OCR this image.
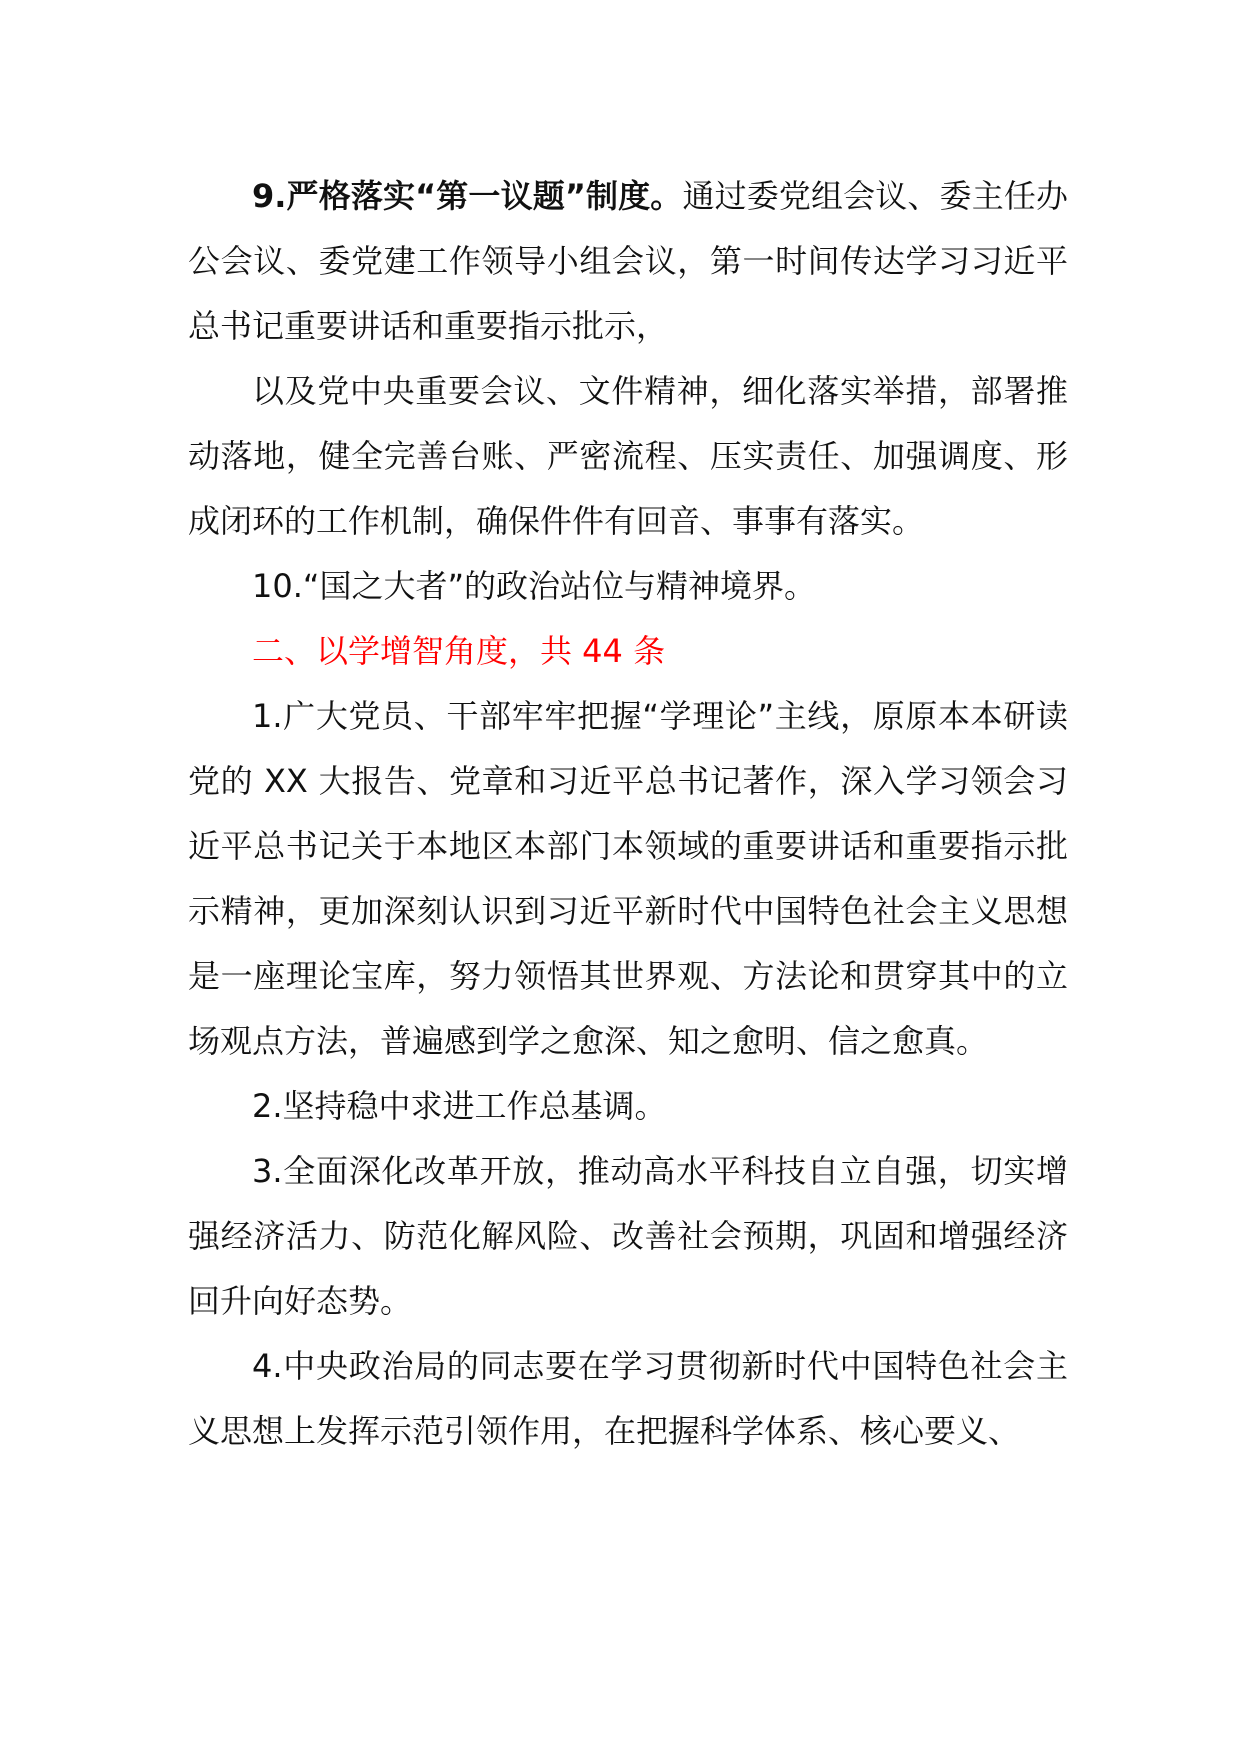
9.严格落实“第一议题”制度。通过委党组会议、委主任办公会议、委党建工作领导小组会议，第一时间传达学习习近平总书记重要讲话和重要指示批示，

以及党中央重要会议、文件精神，细化落实举措，部署推动落地，健全完善台账、严密流程、压实责任、加强调度、形成闭环的工作机制，确保件件有回音、事事有落实。

10.“国之大者”的政治站位与精神境界。

二、以学增智角度，共 44 条

1.广大党员、干部牢牢把握“学理论”主线，原原本本研读党的 XX 大报告、党章和习近平总书记著作，深入学习领会习近平总书记关于本地区本部门本领域的重要讲话和重要指示批示精神，更加深刻认识到习近平新时代中国特色社会主义思想是一座理论宝库，努力领悟其世界观、方法论和贯穿其中的立场观点方法，普遍感到学之愈深、知之愈明、信之愈真。

2.坚持稳中求进工作总基调。

3.全面深化改革开放，推动高水平科技自立自强，切实增强经济活力、防范化解风险、改善社会预期，巩固和增强经济回升向好态势。

4.中央政治局的同志要在学习贯彻新时代中国特色社会主义思想上发挥示范引领作用，在把握科学体系、核心要义、
